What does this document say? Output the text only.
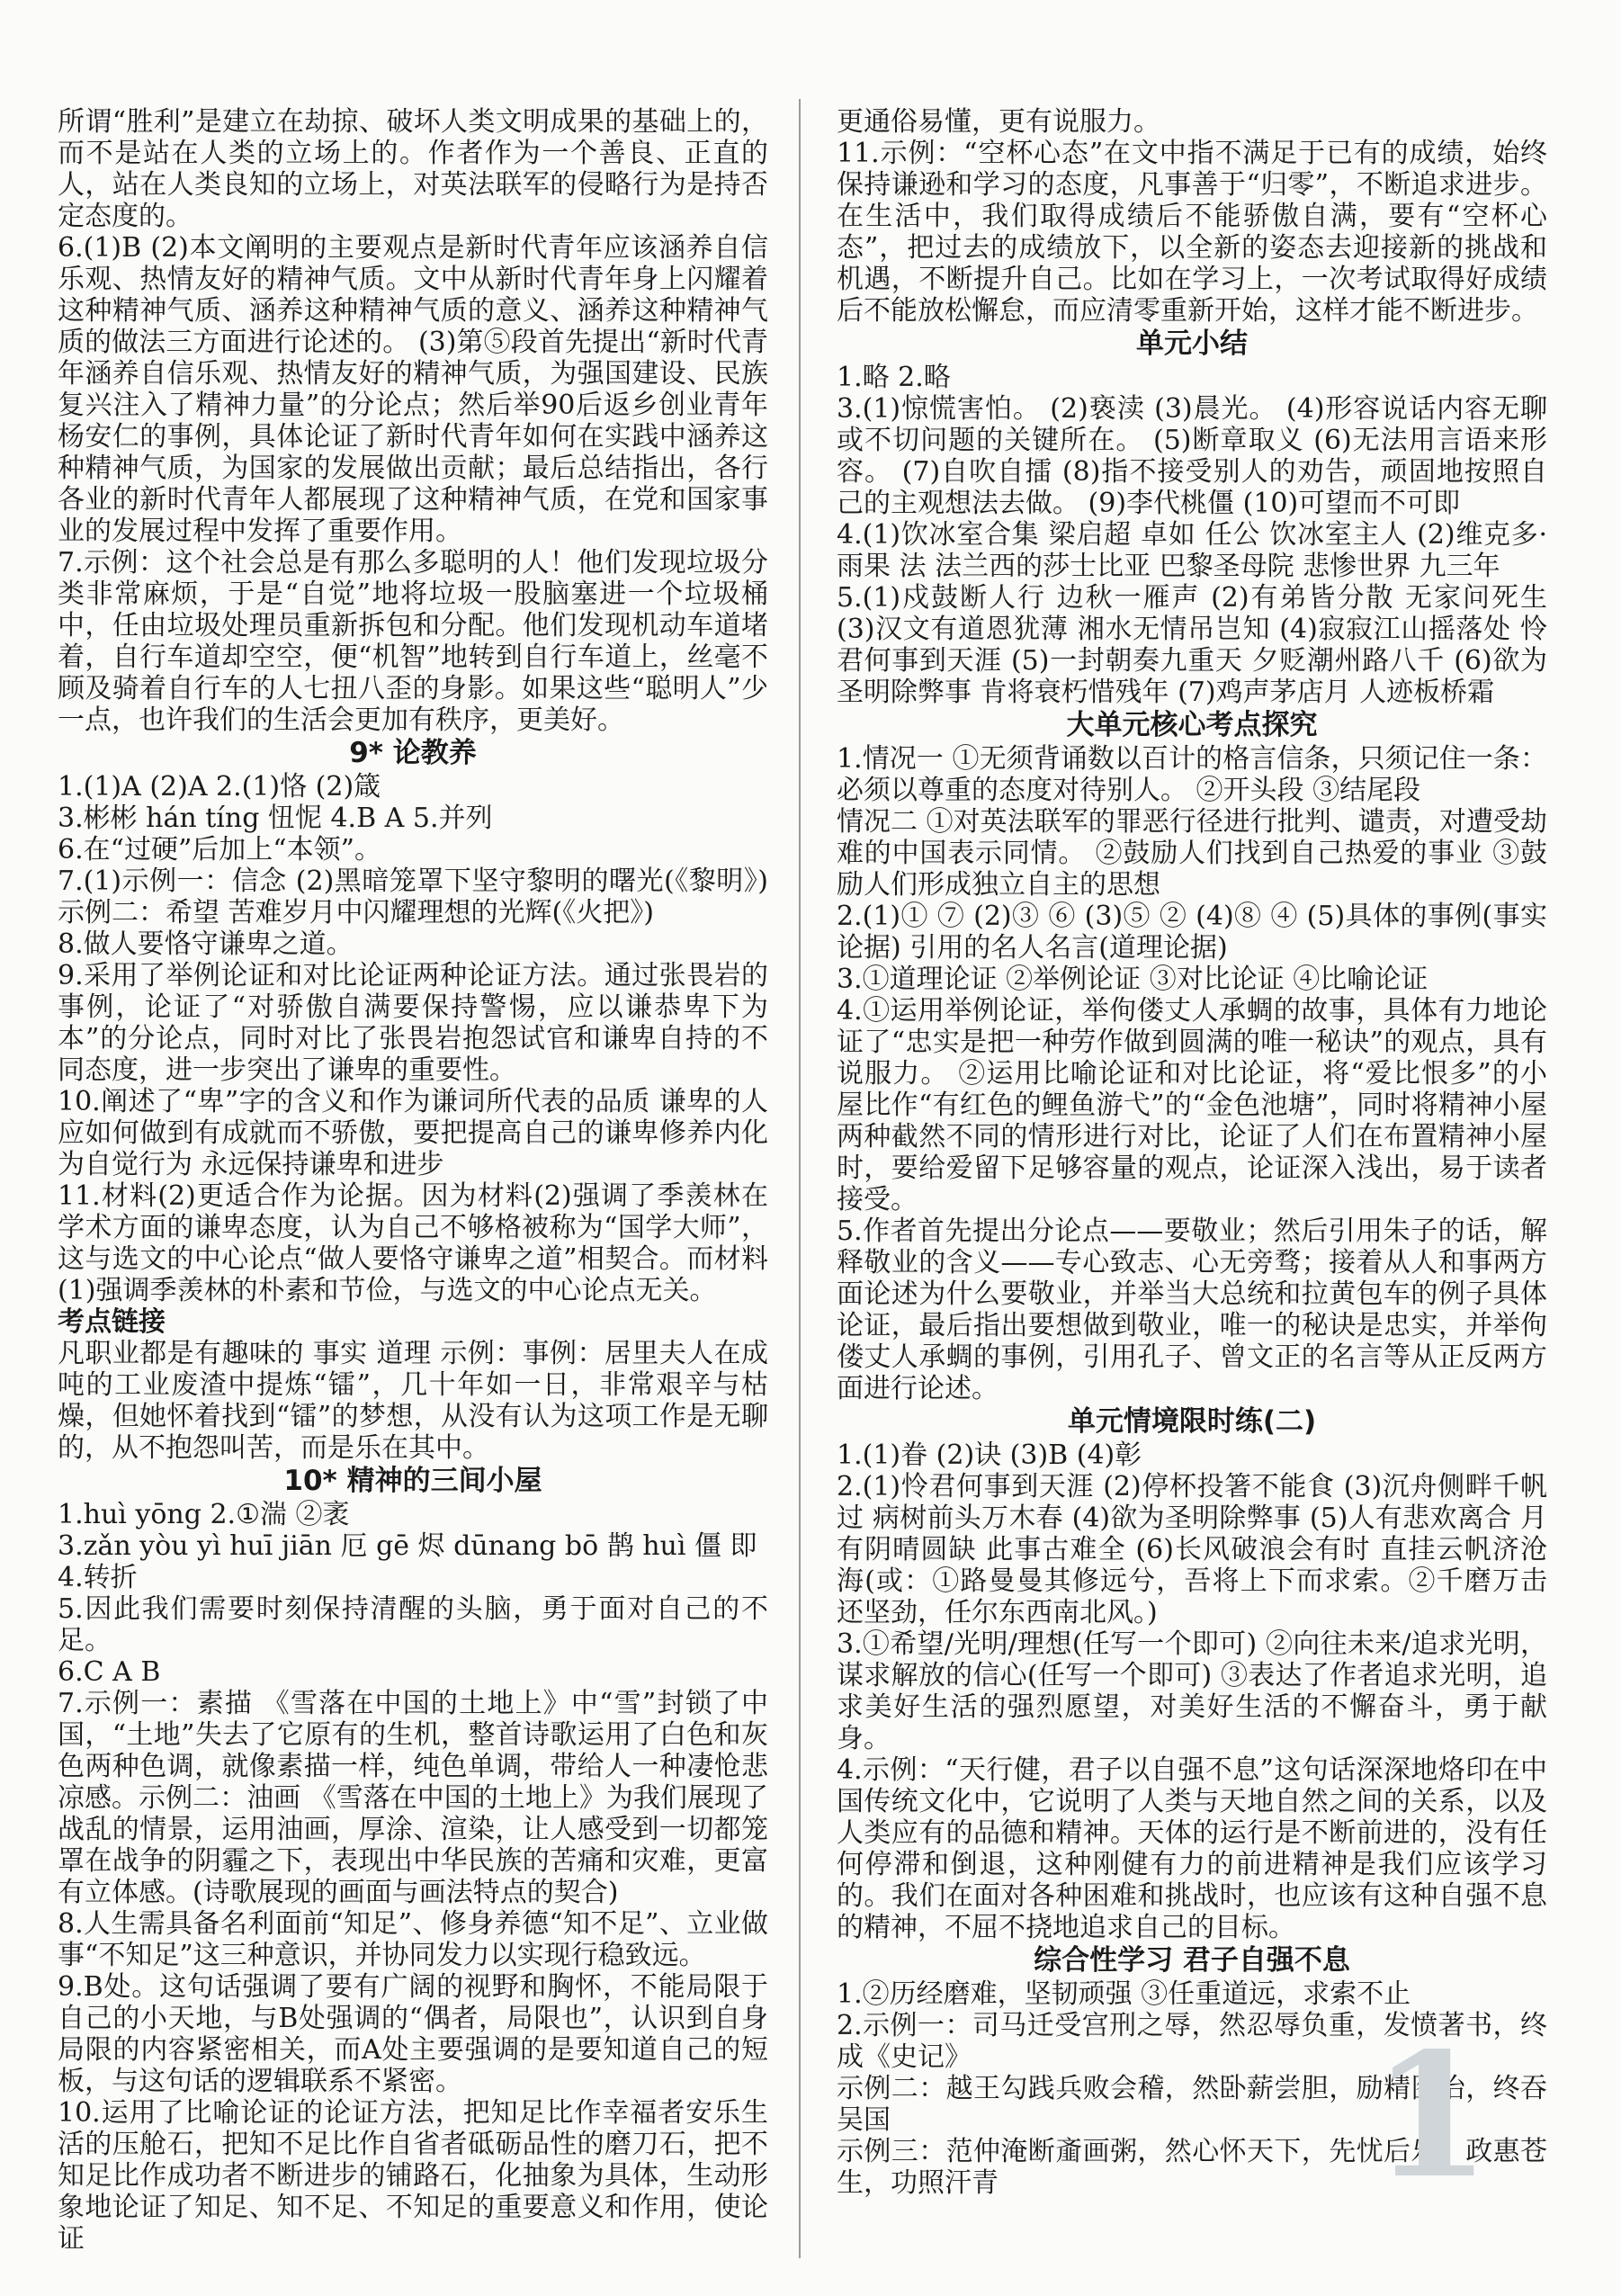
所谓“胜利”是建立在劫掠、破坏人类文明成果的基础上的，而不是站在人类的立场上的。作者作为一个善良、正直的人，站在人类良知的立场上，对英法联军的侵略行为是持否定态度的。
6.(1)B (2)本文阐明的主要观点是新时代青年应该涵养自信乐观、热情友好的精神气质。文中从新时代青年身上闪耀着这种精神气质、涵养这种精神气质的意义、涵养这种精神气质的做法三方面进行论述的。 (3)第⑤段首先提出“新时代青年涵养自信乐观、热情友好的精神气质，为强国建设、民族复兴注入了精神力量”的分论点；然后举90后返乡创业青年杨安仁的事例，具体论证了新时代青年如何在实践中涵养这种精神气质，为国家的发展做出贡献；最后总结指出，各行各业的新时代青年人都展现了这种精神气质，在党和国家事业的发展过程中发挥了重要作用。
7.示例：这个社会总是有那么多聪明的人！他们发现垃圾分类非常麻烦，于是“自觉”地将垃圾一股脑塞进一个垃圾桶中，任由垃圾处理员重新拆包和分配。他们发现机动车道堵着，自行车道却空空，便“机智”地转到自行车道上，丝毫不顾及骑着自行车的人七扭八歪的身影。如果这些“聪明人”少一点，也许我们的生活会更加有秩序，更美好。
9* 论教养
1.(1)A (2)A 2.(1)恪 (2)箴
3.彬彬 hán tíng 忸怩 4.B A 5.并列
6.在“过硬”后加上“本领”。
7.(1)示例一：信念 (2)黑暗笼罩下坚守黎明的曙光(《黎明》) 示例二：希望 苦难岁月中闪耀理想的光辉(《火把》)
8.做人要恪守谦卑之道。
9.采用了举例论证和对比论证两种论证方法。通过张畏岩的事例，论证了“对骄傲自满要保持警惕，应以谦恭卑下为本”的分论点，同时对比了张畏岩抱怨试官和谦卑自持的不同态度，进一步突出了谦卑的重要性。
10.阐述了“卑”字的含义和作为谦词所代表的品质 谦卑的人应如何做到有成就而不骄傲，要把提高自己的谦卑修养内化为自觉行为 永远保持谦卑和进步
11.材料(2)更适合作为论据。因为材料(2)强调了季羡林在学术方面的谦卑态度，认为自己不够格被称为“国学大师”，这与选文的中心论点“做人要恪守谦卑之道”相契合。而材料(1)强调季羡林的朴素和节俭，与选文的中心论点无关。
考点链接
凡职业都是有趣味的 事实 道理 示例：事例：居里夫人在成吨的工业废渣中提炼“镭”，几十年如一日，非常艰辛与枯燥，但她怀着找到“镭”的梦想，从没有认为这项工作是无聊的，从不抱怨叫苦，而是乐在其中。
10* 精神的三间小屋
1.huì yōng 2.①湍 ②袤
3.zǎn yòu yì huī jiān 厄 gē 烬 dūnang bō 鹊 huì 僵 即
4.转折
5.因此我们需要时刻保持清醒的头脑，勇于面对自己的不足。
6.C A B
7.示例一：素描 《雪落在中国的土地上》中“雪”封锁了中国，“土地”失去了它原有的生机，整首诗歌运用了白色和灰色两种色调，就像素描一样，纯色单调，带给人一种凄怆悲凉感。示例二：油画 《雪落在中国的土地上》为我们展现了战乱的情景，运用油画，厚涂、渲染，让人感受到一切都笼罩在战争的阴霾之下，表现出中华民族的苦痛和灾难，更富有立体感。(诗歌展现的画面与画法特点的契合)
8.人生需具备名利面前“知足”、修身养德“知不足”、立业做事“不知足”这三种意识，并协同发力以实现行稳致远。
9.B处。这句话强调了要有广阔的视野和胸怀，不能局限于自己的小天地，与B处强调的“偶者，局限也”，认识到自身局限的内容紧密相关，而A处主要强调的是要知道自己的短板，与这句话的逻辑联系不紧密。
10.运用了比喻论证的论证方法，把知足比作幸福者安乐生活的压舱石，把知不足比作自省者砥砺品性的磨刀石，把不知足比作成功者不断进步的铺路石，化抽象为具体，生动形象地论证了知足、知不足、不知足的重要意义和作用，使论证
更通俗易懂，更有说服力。
11.示例：“空杯心态”在文中指不满足于已有的成绩，始终保持谦逊和学习的态度，凡事善于“归零”，不断追求进步。在生活中，我们取得成绩后不能骄傲自满，要有“空杯心态”，把过去的成绩放下，以全新的姿态去迎接新的挑战和机遇，不断提升自己。比如在学习上，一次考试取得好成绩后不能放松懈怠，而应清零重新开始，这样才能不断进步。
单元小结
1.略 2.略
3.(1)惊慌害怕。 (2)亵渎 (3)晨光。 (4)形容说话内容无聊或不切问题的关键所在。 (5)断章取义 (6)无法用言语来形容。 (7)自吹自擂 (8)指不接受别人的劝告，顽固地按照自己的主观想法去做。 (9)李代桃僵 (10)可望而不可即
4.(1)饮冰室合集 梁启超 卓如 任公 饮冰室主人 (2)维克多·雨果 法 法兰西的莎士比亚 巴黎圣母院 悲惨世界 九三年
5.(1)戍鼓断人行 边秋一雁声 (2)有弟皆分散 无家问死生 (3)汉文有道恩犹薄 湘水无情吊岂知 (4)寂寂江山摇落处 怜君何事到天涯 (5)一封朝奏九重天 夕贬潮州路八千 (6)欲为圣明除弊事 肯将衰朽惜残年 (7)鸡声茅店月 人迹板桥霜
大单元核心考点探究
1.情况一 ①无须背诵数以百计的格言信条，只须记住一条：必须以尊重的态度对待别人。 ②开头段 ③结尾段
情况二 ①对英法联军的罪恶行径进行批判、谴责，对遭受劫难的中国表示同情。 ②鼓励人们找到自己热爱的事业 ③鼓励人们形成独立自主的思想
2.(1)① ⑦ (2)③ ⑥ (3)⑤ ② (4)⑧ ④ (5)具体的事例(事实论据) 引用的名人名言(道理论据)
3.①道理论证 ②举例论证 ③对比论证 ④比喻论证
4.①运用举例论证，举佝偻丈人承蜩的故事，具体有力地论证了“忠实是把一种劳作做到圆满的唯一秘诀”的观点，具有说服力。 ②运用比喻论证和对比论证，将“爱比恨多”的小屋比作“有红色的鲤鱼游弋”的“金色池塘”，同时将精神小屋两种截然不同的情形进行对比，论证了人们在布置精神小屋时，要给爱留下足够容量的观点，论证深入浅出，易于读者接受。
5.作者首先提出分论点——要敬业；然后引用朱子的话，解释敬业的含义——专心致志、心无旁骛；接着从人和事两方面论述为什么要敬业，并举当大总统和拉黄包车的例子具体论证，最后指出要想做到敬业，唯一的秘诀是忠实，并举佝偻丈人承蜩的事例，引用孔子、曾文正的名言等从正反两方面进行论述。
单元情境限时练(二)
1.(1)眷 (2)诀 (3)B (4)彰
2.(1)怜君何事到天涯 (2)停杯投箸不能食 (3)沉舟侧畔千帆过 病树前头万木春 (4)欲为圣明除弊事 (5)人有悲欢离合 月有阴晴圆缺 此事古难全 (6)长风破浪会有时 直挂云帆济沧海(或：①路曼曼其修远兮，吾将上下而求索。②千磨万击还坚劲，任尔东西南北风。)
3.①希望/光明/理想(任写一个即可) ②向往未来/追求光明，谋求解放的信心(任写一个即可) ③表达了作者追求光明，追求美好生活的强烈愿望，对美好生活的不懈奋斗，勇于献身。
4.示例：“天行健，君子以自强不息”这句话深深地烙印在中国传统文化中，它说明了人类与天地自然之间的关系，以及人类应有的品德和精神。天体的运行是不断前进的，没有任何停滞和倒退，这种刚健有力的前进精神是我们应该学习的。我们在面对各种困难和挑战时，也应该有这种自强不息的精神，不屈不挠地追求自己的目标。
综合性学习 君子自强不息
1.②历经磨难，坚韧顽强 ③任重道远，求索不止
2.示例一：司马迁受宫刑之辱，然忍辱负重，发愤著书，终成《史记》
示例二：越王勾践兵败会稽，然卧薪尝胆，励精图治，终吞吴国
示例三：范仲淹断齑画粥，然心怀天下，先忧后乐，政惠苍生，功照汗青	1
